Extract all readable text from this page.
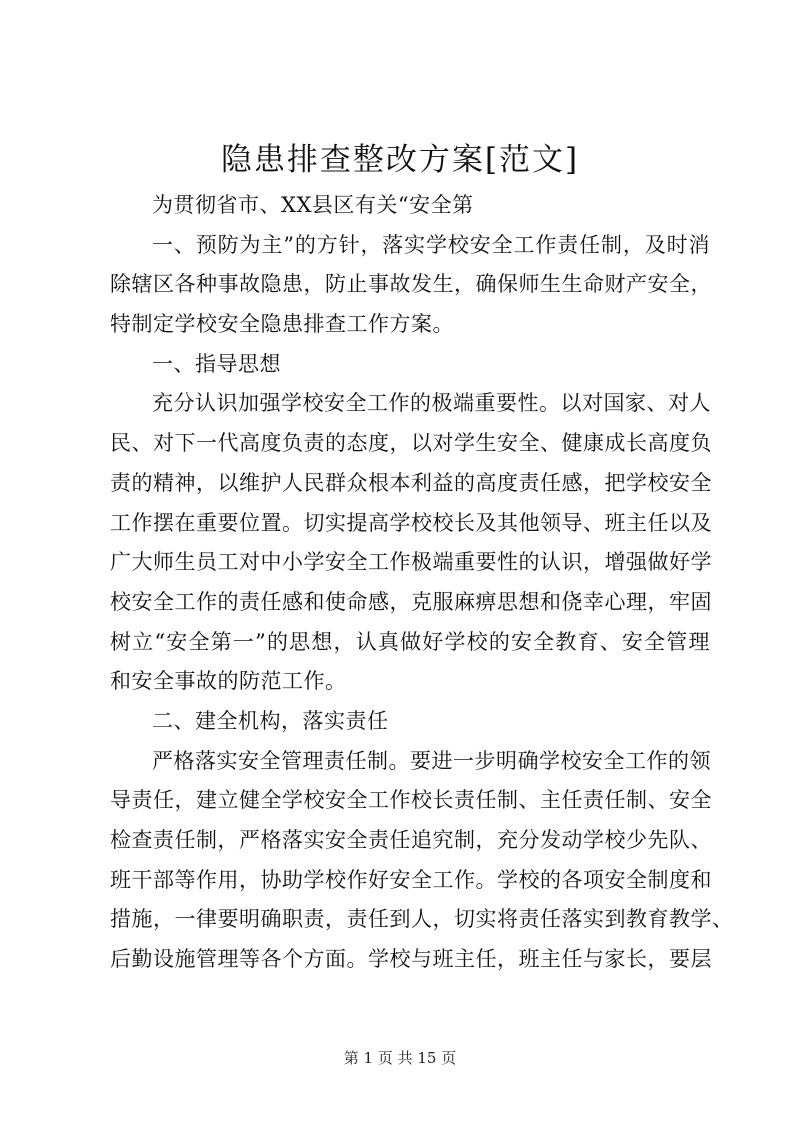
隐患排查整改方案[范文]
为贯彻省市、XX县区有关“安全第
一、预防为主”的方针，落实学校安全工作责任制，及时消
除辖区各种事故隐患，防止事故发生，确保师生生命财产安全，
特制定学校安全隐患排查工作方案。
一、指导思想
充分认识加强学校安全工作的极端重要性。以对国家、对人
民、对下一代高度负责的态度，以对学生安全、健康成长高度负
责的精神，以维护人民群众根本利益的高度责任感，把学校安全
工作摆在重要位置。切实提高学校校长及其他领导、班主任以及
广大师生员工对中小学安全工作极端重要性的认识，增强做好学
校安全工作的责任感和使命感，克服麻痹思想和侥幸心理，牢固
树立“安全第一”的思想，认真做好学校的安全教育、安全管理
和安全事故的防范工作。
二、建全机构，落实责任
严格落实安全管理责任制。要进一步明确学校安全工作的领
导责任，建立健全学校安全工作校长责任制、主任责任制、安全
检查责任制，严格落实安全责任追究制，充分发动学校少先队、
班干部等作用，协助学校作好安全工作。学校的各项安全制度和
措施，一律要明确职责，责任到人，切实将责任落实到教育教学、
后勤设施管理等各个方面。学校与班主任，班主任与家长，要层
第 1 页 共 15 页
